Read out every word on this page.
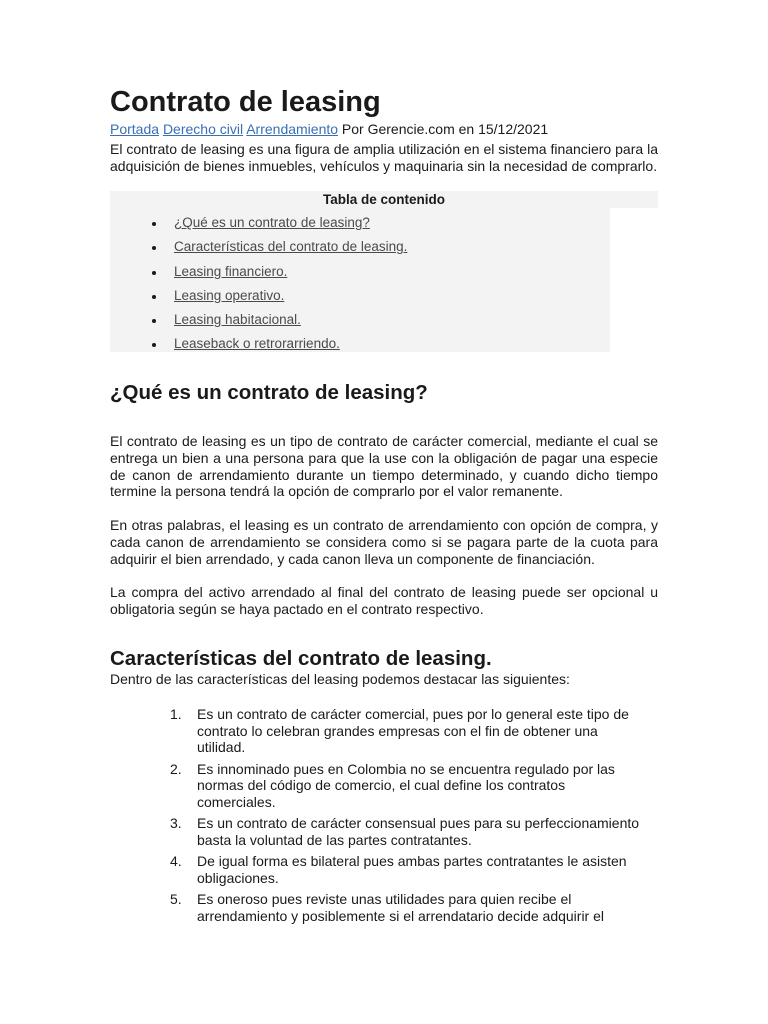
Contrato de leasing
Portada Derecho civil Arrendamiento Por Gerencie.com en 15/12/2021

El contrato de leasing es una figura de amplia utilización en el sistema financiero para la adquisición de bienes inmuebles, vehículos y maquinaria sin la necesidad de comprarlo.

Tabla de contenido
¿Qué es un contrato de leasing?
Características del contrato de leasing.
Leasing financiero.
Leasing operativo.
Leasing habitacional.
Leaseback o retrorarriendo.
¿Qué es un contrato de leasing?

El contrato de leasing es un tipo de contrato de carácter comercial, mediante el cual se entrega un bien a una persona para que la use con la obligación de pagar una especie de canon de arrendamiento durante un tiempo determinado, y cuando dicho tiempo termine la persona tendrá la opción de comprarlo por el valor remanente.

En otras palabras, el leasing es un contrato de arrendamiento con opción de compra, y cada canon de arrendamiento se considera como si se pagara parte de la cuota para adquirir el bien arrendado, y cada canon lleva un componente de financiación.

La compra del activo arrendado al final del contrato de leasing puede ser opcional u obligatoria según se haya pactado en el contrato respectivo.

Características del contrato de leasing.

Dentro de las características del leasing podemos destacar las siguientes:

1. Es un contrato de carácter comercial, pues por lo general este tipo de contrato lo celebran grandes empresas con el fin de obtener una utilidad.
2. Es innominado pues en Colombia no se encuentra regulado por las normas del código de comercio, el cual define los contratos comerciales.
3. Es un contrato de carácter consensual pues para su perfeccionamiento basta la voluntad de las partes contratantes.
4. De igual forma es bilateral pues ambas partes contratantes le asisten obligaciones.
5. Es oneroso pues reviste unas utilidades para quien recibe el arrendamiento y posiblemente si el arrendatario decide adquirir el
